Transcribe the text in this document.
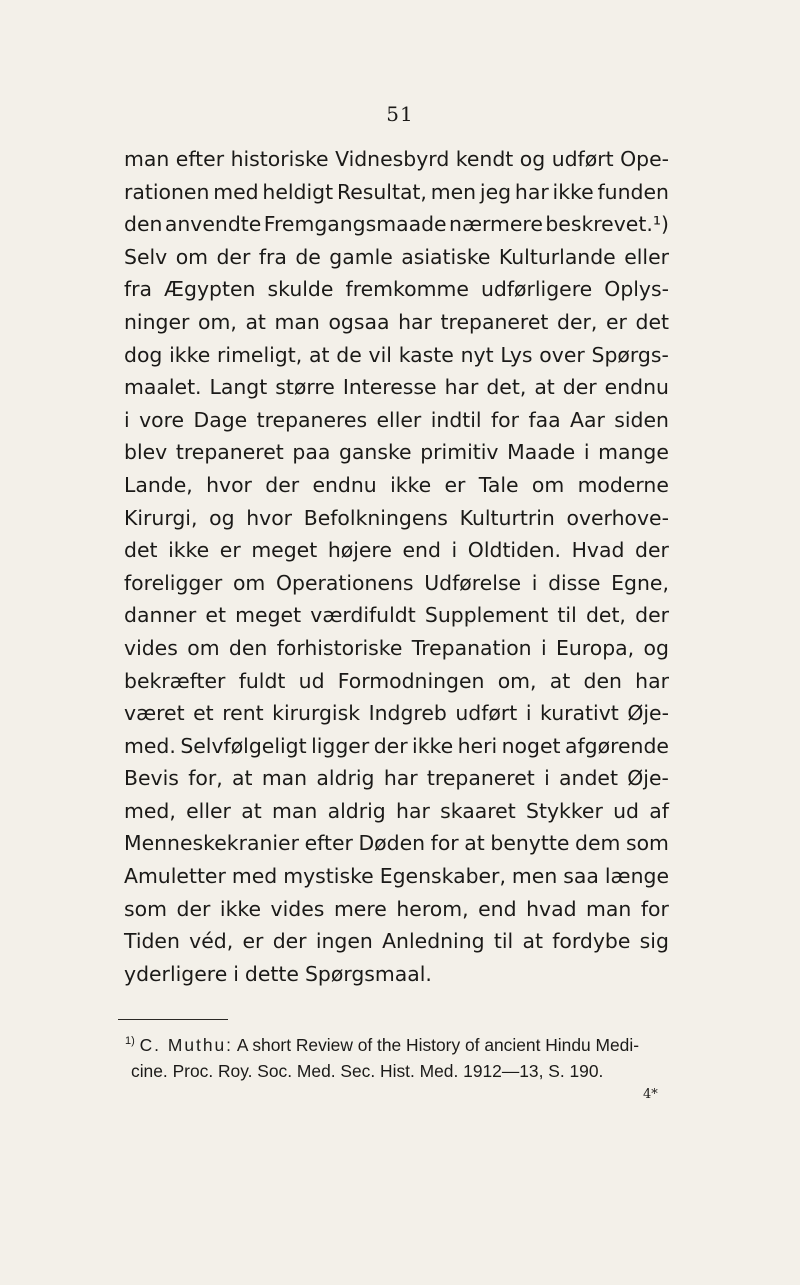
51
man efter historiske Vidnesbyrd kendt og udført Ope-
rationen med heldigt Resultat, men jeg har ikke funden
den anvendte Fremgangsmaade nærmere beskrevet.¹)
Selv om der fra de gamle asiatiske Kulturlande eller
fra Ægypten skulde fremkomme udførligere Oplys-
ninger om, at man ogsaa har trepaneret der, er det
dog ikke rimeligt, at de vil kaste nyt Lys over Spørgs-
maalet. Langt større Interesse har det, at der endnu
i vore Dage trepaneres eller indtil for faa Aar siden
blev trepaneret paa ganske primitiv Maade i mange
Lande, hvor der endnu ikke er Tale om moderne
Kirurgi, og hvor Befolkningens Kulturtrin overhove-
det ikke er meget højere end i Oldtiden. Hvad der
foreligger om Operationens Udførelse i disse Egne,
danner et meget værdifuldt Supplement til det, der
vides om den forhistoriske Trepanation i Europa, og
bekræfter fuldt ud Formodningen om, at den har
været et rent kirurgisk Indgreb udført i kurativt Øje-
med. Selvfølgeligt ligger der ikke heri noget afgørende
Bevis for, at man aldrig har trepaneret i andet Øje-
med, eller at man aldrig har skaaret Stykker ud af
Menneskekranier efter Døden for at benytte dem som
Amuletter med mystiske Egenskaber, men saa længe
som der ikke vides mere herom, end hvad man for
Tiden véd, er der ingen Anledning til at fordybe sig
yderligere i dette Spørgsmaal.
$^{1)}$ C. Muthu: A short Review of the History of ancient Hindu Medi-
cine. Proc. Roy. Soc. Med. Sec. Hist. Med. 1912—13, S. 190.
4*
